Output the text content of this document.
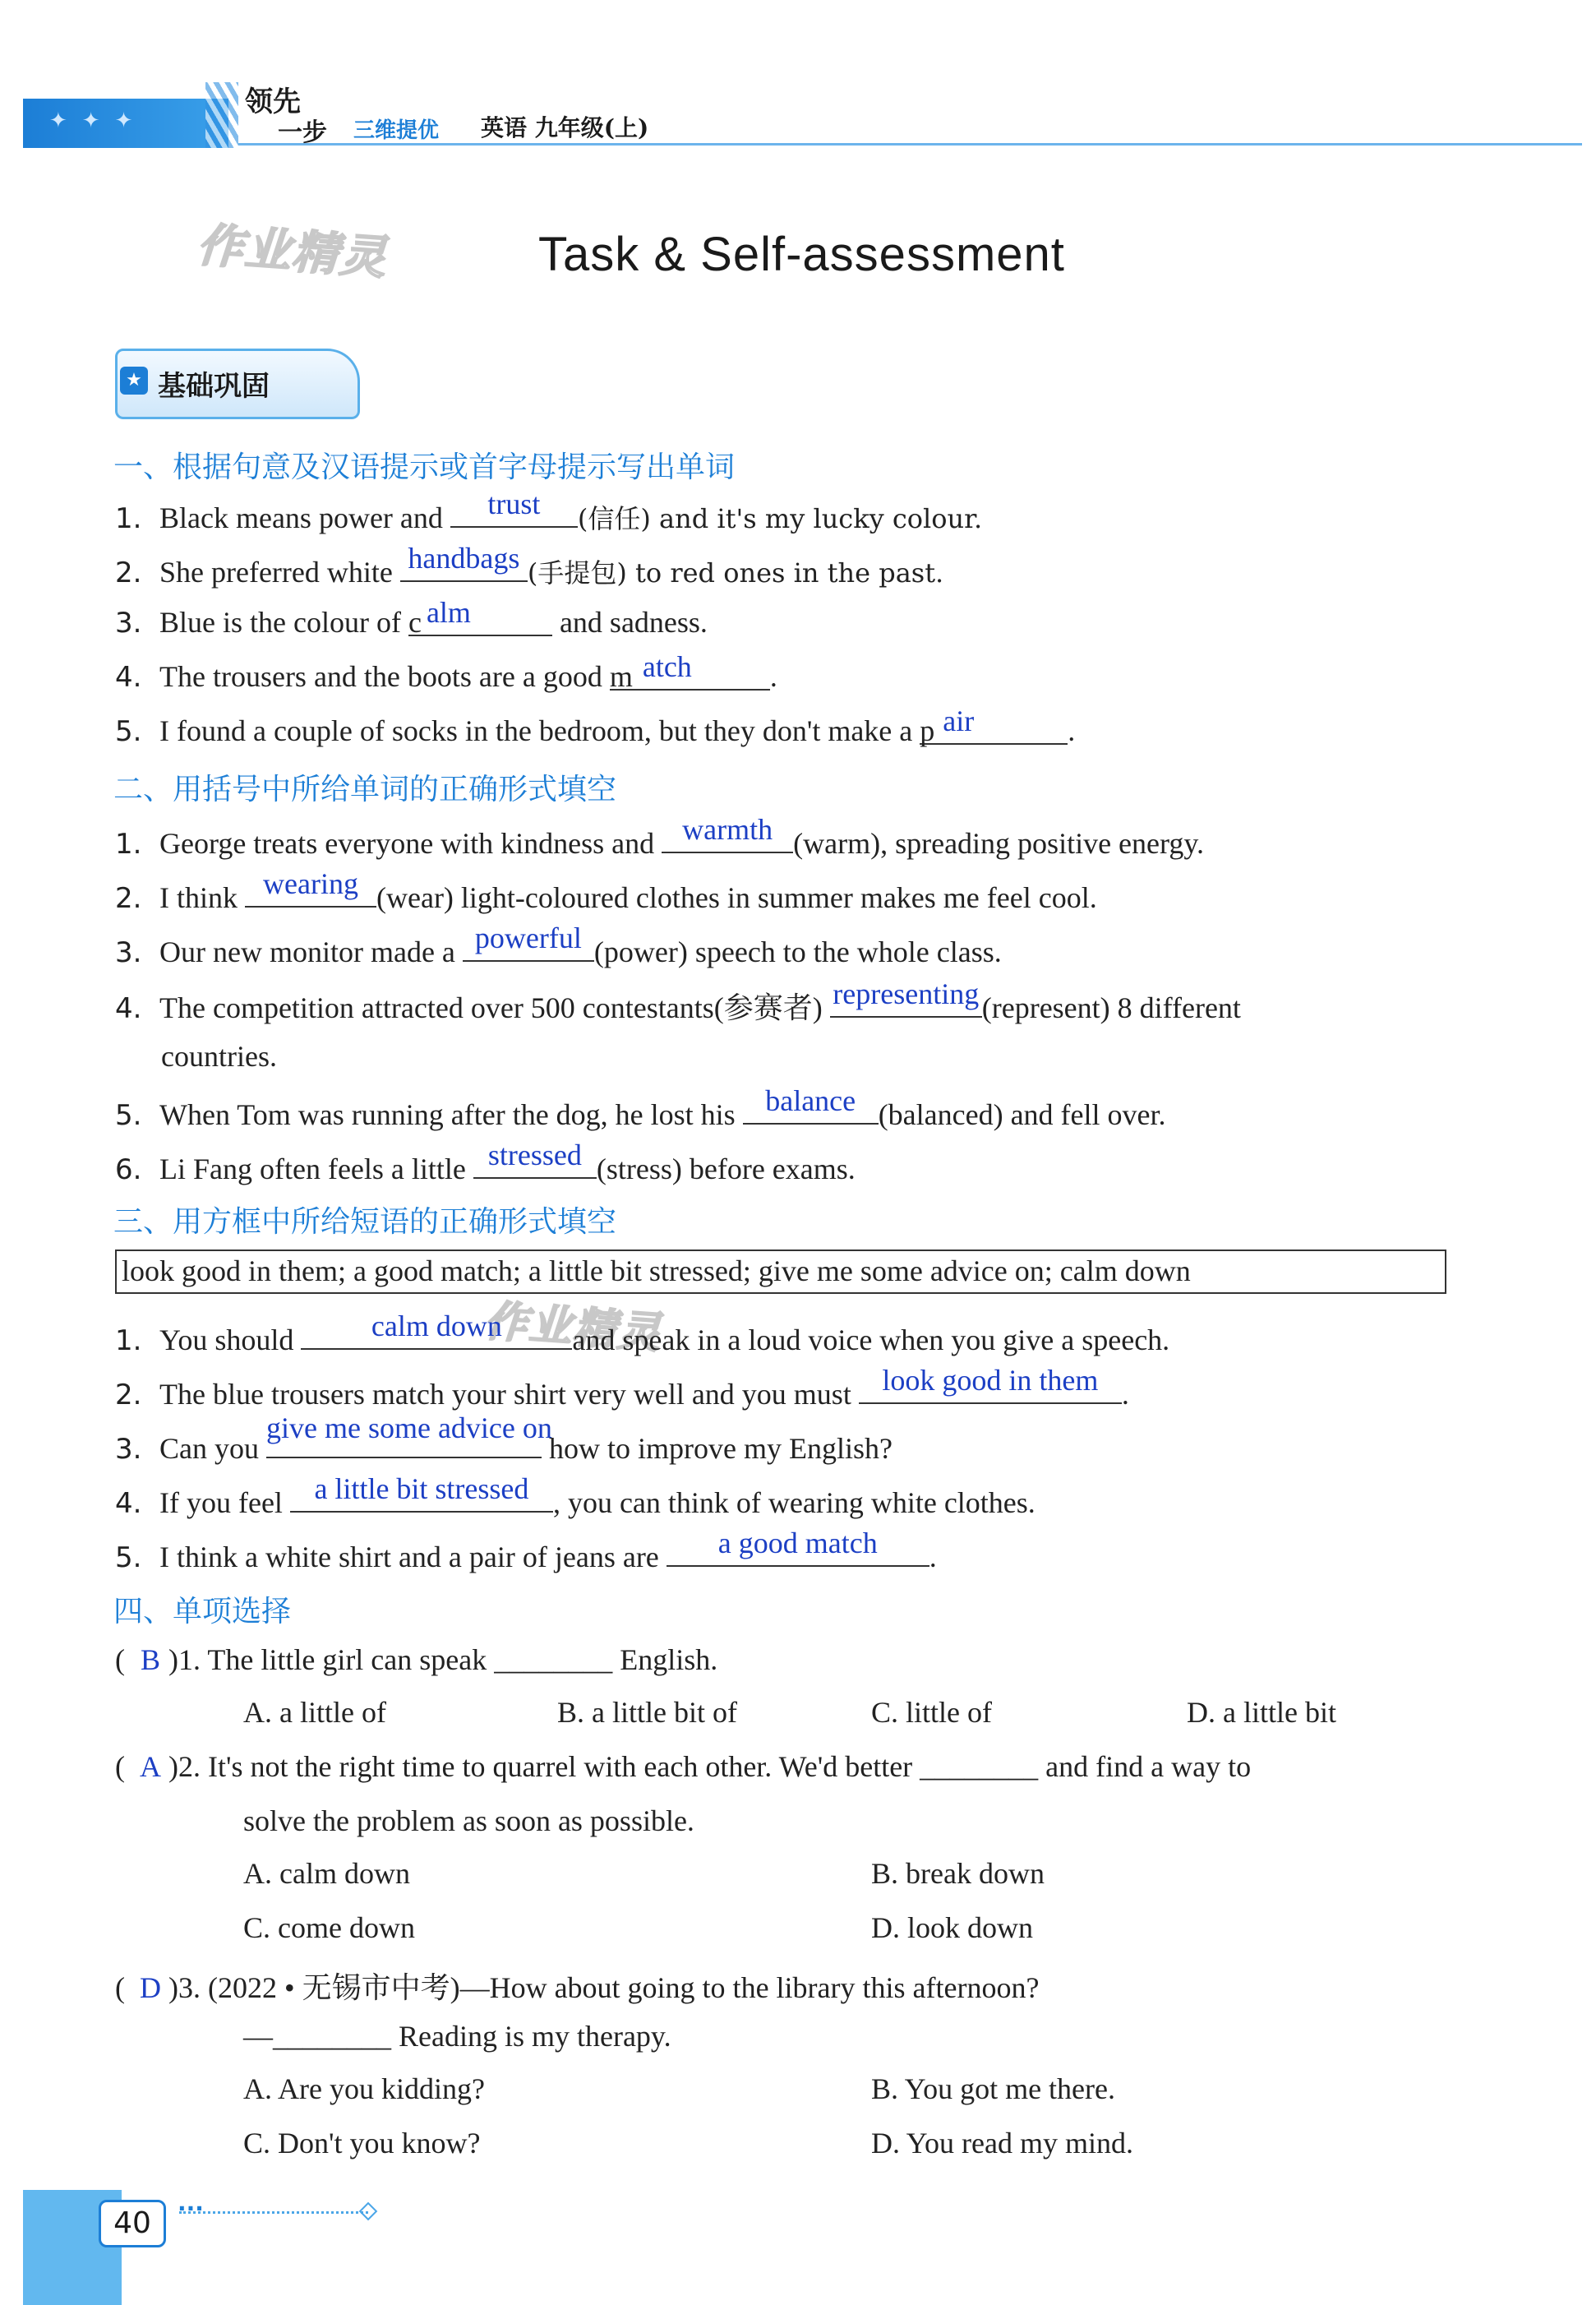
✦✦✦
领先
一步 三维提优 英语 九年级(上)
作业精灵
作业精灵
Task & Self-assessment
★ 基础巩固
一、根据句意及汉语提示或首字母提示写出单词
1. Black means power and	trust	(信任) and it's my lucky colour.
2. She preferred white handbags (手提包) to red ones in the past.
3. Blue is the colour of c alm	and sadness.
4. The trousers and the boots are a good m atch	.
5. I found a couple of socks in the bedroom, but they don't make a p air	.
二、用括号中所给单词的正确形式填空
1. George treats everyone with kindness and warmth (warm), spreading positive energy.
2. I think wearing (wear) light-coloured clothes in summer makes me feel cool.
3. Our new monitor made a powerful (power) speech to the whole class.
4. The competition attracted over 500 contestants(参赛者) representing (represent) 8 different
countries.
5. When Tom was running after the dog, he lost his balance (balanced) and fell over.
6. Li Fang often feels a little stressed (stress) before exams.
三、用方框中所给短语的正确形式填空
look good in them; a good match; a little bit stressed; give me some advice on; calm down
1. You should	calm down	and speak in a loud voice when you give a speech.
2. The blue trousers match your shirt very well and you must look good in them .
3. Can you
give me some advice on
how to improve my English?
4. If you feel a little bit stressed , you can think of wearing white clothes.
5. I think a white shirt and a pair of jeans are	a good match	.
四、单项选择
( B )1. The little girl can speak ________ English.
A. a little of	B. a little bit of	C. little of	D. a little bit
( A )2. It's not the right time to quarrel with each other. We'd better ________ and find a way to
solve the problem as soon as possible.
A. calm down	B. break down
C. come down	D. look down
( D )3. (2022 • 无锡市中考)—How about going to the library this afternoon?
—________ Reading is my therapy.
A. Are you kidding?	B. You got me there.
C. Don't you know?	D. You read my mind.
40	···
